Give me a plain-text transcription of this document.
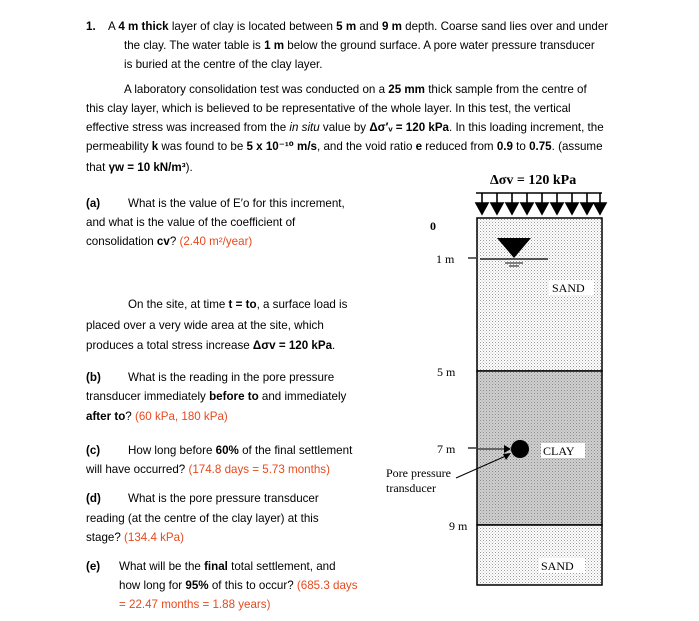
1. A 4 m thick layer of clay is located between 5 m and 9 m depth. Coarse sand lies over and under
the clay. The water table is 1 m below the ground surface. A pore water pressure transducer
is buried at the centre of the clay layer.
A laboratory consolidation test was conducted on a 25 mm thick sample from the centre of
this clay layer, which is believed to be representative of the whole layer. In this test, the vertical
effective stress was increased from the in situ value by Δσ′ᵥ = 120 kPa. In this loading increment, the
permeability k was found to be 5 x 10⁻¹⁰ m/s, and the void ratio e reduced from 0.9 to 0.75. (assume
that γw = 10 kN/m³).
(a) What is the value of E′o for this increment,
and what is the value of the coefficient of
consolidation cv? (2.40 m²/year)
On the site, at time t = to, a surface load is
placed over a very wide area at the site, which
produces a total stress increase Δσv = 120 kPa.
(b) What is the reading in the pore pressure
transducer immediately before to and immediately
after to? (60 kPa, 180 kPa)
(c) How long before 60% of the final settlement
will have occurred? (174.8 days = 5.73 months)
(d) What is the pore pressure transducer
reading (at the centre of the clay layer) at this
stage? (134.4 kPa)
(e) What will be the final total settlement, and
how long for 95% of this to occur? (685.3 days
= 22.47 months = 1.88 years)
Δσv = 120 kPa
0
1 m
5 m
7 m
9 m
SAND
CLAY
SAND
Pore pressure
transducer
